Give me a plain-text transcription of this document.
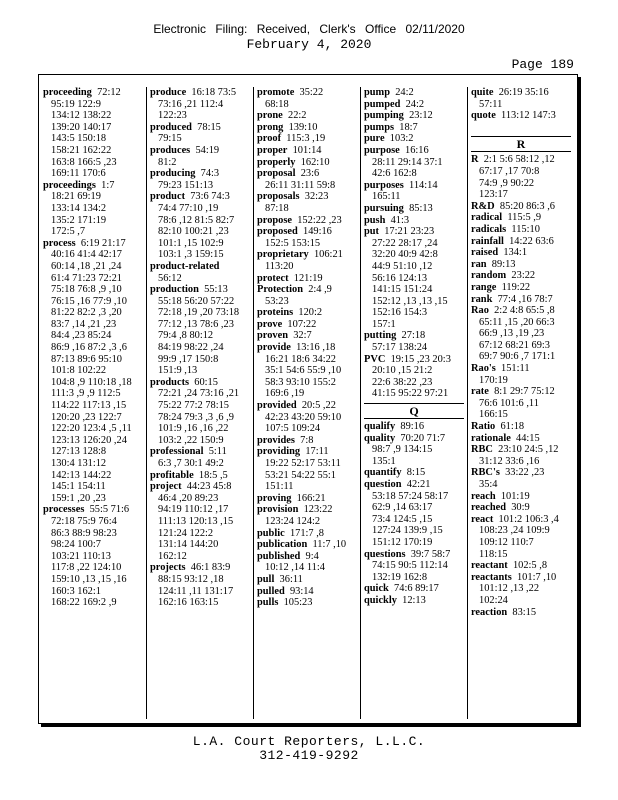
Electronic Filing: Received, Clerk's Office 02/11/2020
February 4, 2020
Page 189
proceeding 72:12
95:19 122:9
134:12 138:22
139:20 140:17
143:5 150:18
158:21 162:22
163:8 166:5 ,23
169:11 170:6
proceedings 1:7
18:21 69:19
133:14 134:2
135:2 171:19
172:5 ,7
process 6:19 21:17
40:16 41:4 42:17
60:14 ,18 ,21 ,24
61:4 71:23 72:21
75:18 76:8 ,9 ,10
76:15 ,16 77:9 ,10
81:22 82:2 ,3 ,20
83:7 ,14 ,21 ,23
84:4 ,23 85:24
86:9 ,16 87:2 ,3 ,6
87:13 89:6 95:10
101:8 102:22
104:8 ,9 110:18 ,18
111:3 ,9 ,9 112:5
114:22 117:13 ,15
120:20 ,23 122:7
122:20 123:4 ,5 ,11
123:13 126:20 ,24
127:13 128:8
130:4 131:12
142:13 144:22
145:1 154:11
159:1 ,20 ,23
processes 55:5 71:6
72:18 75:9 76:4
86:3 88:9 98:23
98:24 100:7
103:21 110:13
117:8 ,22 124:10
159:10 ,13 ,15 ,16
160:3 162:1
168:22 169:2 ,9
produce 16:18 73:5
73:16 ,21 112:4
122:23
produced 78:15
79:15
produces 54:19
81:2
producing 74:3
79:23 151:13
product 73:6 74:3
74:4 77:10 ,19
78:6 ,12 81:5 82:7
82:10 100:21 ,23
101:1 ,15 102:9
103:1 ,3 159:15
product-related
56:12
production 55:13
55:18 56:20 57:22
72:18 ,19 ,20 73:18
77:12 ,13 78:6 ,23
79:4 ,8 80:12
84:19 98:22 ,24
99:9 ,17 150:8
151:9 ,13
products 60:15
72:21 ,24 73:16 ,21
75:22 77:2 78:15
78:24 79:3 ,3 ,6 ,9
101:9 ,16 ,16 ,22
103:2 ,22 150:9
professional 5:11
6:3 ,7 30:1 49:2
profitable 18:5 ,5
project 44:23 45:8
46:4 ,20 89:23
94:19 110:12 ,17
111:13 120:13 ,15
121:24 122:2
131:14 144:20
162:12
projects 46:1 83:9
88:15 93:12 ,18
124:11 ,11 131:17
162:16 163:15
promote 35:22
68:18
prone 22:2
prong 139:10
proof 115:3 ,19
proper 101:14
properly 162:10
proposal 23:6
26:11 31:11 59:8
proposals 32:23
87:18
propose 152:22 ,23
proposed 149:16
152:5 153:15
proprietary 106:21
113:20
protect 121:19
Protection 2:4 ,9
53:23
proteins 120:2
prove 107:22
proven 32:7
provide 13:16 ,18
16:21 18:6 34:22
35:1 54:6 55:9 ,10
58:3 93:10 155:2
169:6 ,19
provided 20:5 ,22
42:23 43:20 59:10
107:5 109:24
provides 7:8
providing 17:11
19:22 52:17 53:11
53:21 54:22 55:1
151:11
proving 166:21
provision 123:22
123:24 124:2
public 171:7 ,8
publication 11:7 ,10
published 9:4
10:12 ,14 11:4
pull 36:11
pulled 93:14
pulls 105:23
pump 24:2
pumped 24:2
pumping 23:12
pumps 18:7
pure 103:2
purpose 16:16
28:11 29:14 37:1
42:6 162:8
purposes 114:14
165:11
pursuing 85:13
push 41:3
put 17:21 23:23
27:22 28:17 ,24
32:20 40:9 42:8
44:9 51:10 ,12
56:16 124:13
141:15 151:24
152:12 ,13 ,13 ,15
152:16 154:3
157:1
putting 27:18
57:17 138:24
PVC 19:15 ,23 20:3
20:10 ,15 21:2
22:6 38:22 ,23
41:15 95:22 97:21
Q
qualify 89:16
quality 70:20 71:7
98:7 ,9 134:15
135:1
quantify 8:15
question 42:21
53:18 57:24 58:17
62:9 ,14 63:17
73:4 124:5 ,15
127:24 139:9 ,15
151:12 170:19
questions 39:7 58:7
74:15 90:5 112:14
132:19 162:8
quick 74:6 89:17
quickly 12:13
quite 26:19 35:16
57:11
quote 113:12 147:3

R
R 2:1 5:6 58:12 ,12
67:17 ,17 70:8
74:9 ,9 90:22
123:17
R&D 85:20 86:3 ,6
radical 115:5 ,9
radicals 115:10
rainfall 14:22 63:6
raised 134:1
ran 89:13
random 23:22
range 119:22
rank 77:4 ,16 78:7
Rao 2:2 4:8 65:5 ,8
65:11 ,15 ,20 66:3
66:9 ,13 ,19 ,23
67:12 68:21 69:3
69:7 90:6 ,7 171:1
Rao's 151:11
170:19
rate 8:1 29:7 75:12
76:6 101:6 ,11
166:15
Ratio 61:18
rationale 44:15
RBC 23:10 24:5 ,12
31:12 33:6 ,16
RBC's 33:22 ,23
35:4
reach 101:19
reached 30:9
react 101:2 106:3 ,4
108:23 ,24 109:9
109:12 110:7
118:15
reactant 102:5 ,8
reactants 101:7 ,10
101:12 ,13 ,22
102:24
reaction 83:15
L.A. Court Reporters, L.L.C.
312-419-9292
